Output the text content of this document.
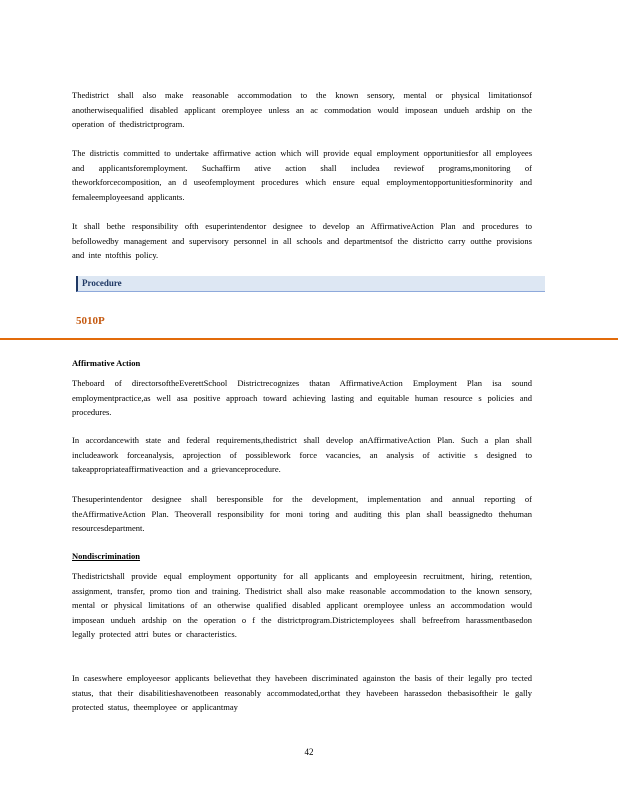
Thedistrict shall also make reasonable accommodation to the known sensory, mental or physical limitationsof anotherwisequalified disabled applicant oremployee unless an ac commodation would imposean undueh ardship on the operation of thedistrictprogram.

The districtis committed to undertake affirmative action which will provide equal employment opportunitiesfor all employees and applicantsforemployment. Suchaffirm ative action shall includea reviewof programs,monitoring of theworkforcecomposition, an d useofemployment procedures which ensure equal employmentopportunitiesforminority and femaleemployeesand applicants.

It shall bethe responsibility ofth esuperintendentor designee to develop an AffirmativeAction Plan and procedures to befollowedby management and supervisory personnel in all schools and departmentsof the districtto carry outthe provisions and inte ntofthis policy.

Procedure
5010P

Affirmative Action

Theboard of directorsoftheEverettSchool Districtrecognizes thatan AffirmativeAction Employment Plan isa sound employmentpractice,as well asa positive approach toward achieving lasting and equitable human resource s policies and procedures.

In accordancewith state and federal requirements,thedistrict shall develop anAffirmativeAction Plan. Such a plan shall includeawork forceanalysis, aprojection of possiblework force vacancies, an analysis of activitie s designed to takeappropriateaffirmativeaction and a grievanceprocedure.

Thesuperintendentor designee shall beresponsible for the development, implementation and annual reporting of theAffirmativeAction Plan. Theoverall responsibility for moni toring and auditing this plan shall beassignedto thehuman resourcesdepartment.

Nondiscrimination

Thedistrictshall provide equal employment opportunity for all applicants and employeesin recruitment, hiring, retention, assignment, transfer, promo tion and training. Thedistrict shall also make reasonable accommodation to the known sensory, mental or physical limitations of an otherwise qualified disabled applicant oremployee unless an accommodation would imposean undueh ardship on the operation o f the districtprogram.Districtemployees shall befreefrom harassmentbasedon legally protected attri butes or characteristics.

In caseswhere employeesor applicants believethat they havebeen discriminated againston the basis of their legally pro tected status, that their disabilitieshavenotbeen reasonably accommodated,orthat they havebeen harassedon thebasisoftheir le gally protected status, theemployee or applicantmay

42
